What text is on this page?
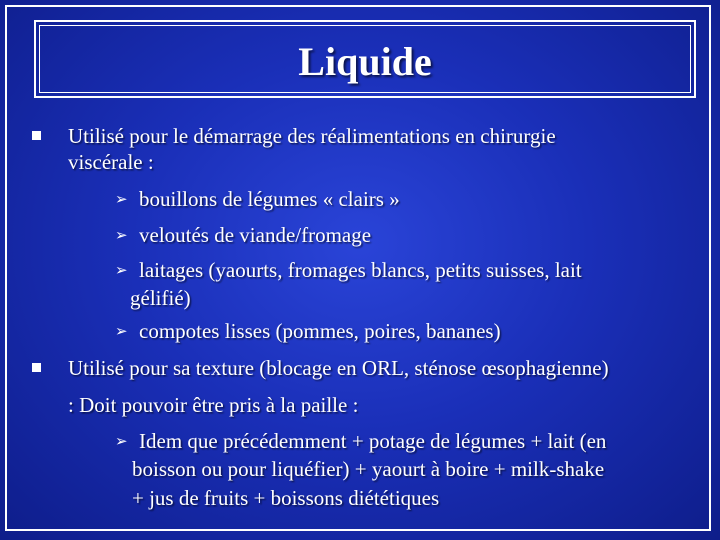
Liquide
Utilisé pour le démarrage des réalimentations en chirurgie
viscérale :
➢ bouillons de légumes « clairs »
➢ veloutés de viande/fromage
➢ laitages (yaourts, fromages blancs, petits suisses, lait
gélifié)
➢ compotes lisses (pommes, poires, bananes)
Utilisé pour sa texture (blocage en ORL, sténose œsophagienne)
: Doit pouvoir être pris à la paille :
➢ Idem que précédemment + potage de légumes + lait (en
boisson ou pour liquéfier) + yaourt à boire + milk-shake
+ jus de fruits + boissons diététiques
